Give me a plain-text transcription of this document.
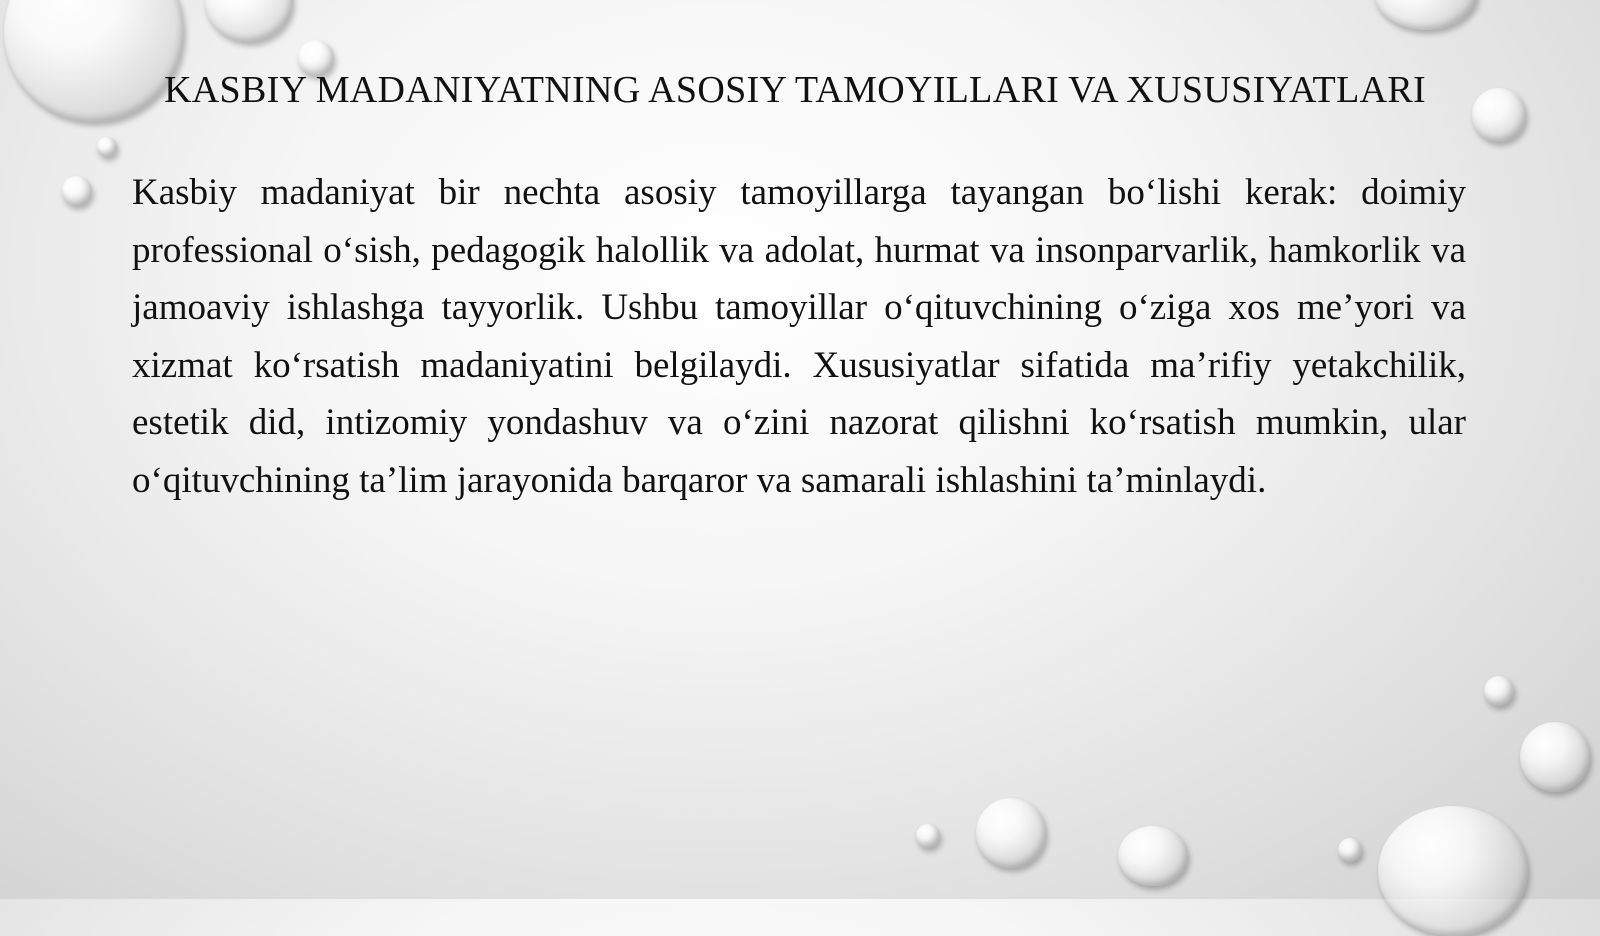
KASBIY MADANIYATNING ASOSIY TAMOYILLARI VA XUSUSIYATLARI

Kasbiy madaniyat bir nechta asosiy tamoyillarga tayangan bo‘lishi kerak: doimiy professional o‘sish, pedagogik halollik va adolat, hurmat va insonparvarlik, hamkorlik va jamoaviy ishlashga tayyorlik. Ushbu tamoyillar o‘qituvchining o‘ziga xos me’yori va xizmat ko‘rsatish madaniyatini belgilaydi. Xususiyatlar sifatida ma’rifiy yetakchilik, estetik did, intizomiy yondashuv va o‘zini nazorat qilishni ko‘rsatish mumkin, ular o‘qituvchining ta’lim jarayonida barqaror va samarali ishlashini ta’minlaydi.
